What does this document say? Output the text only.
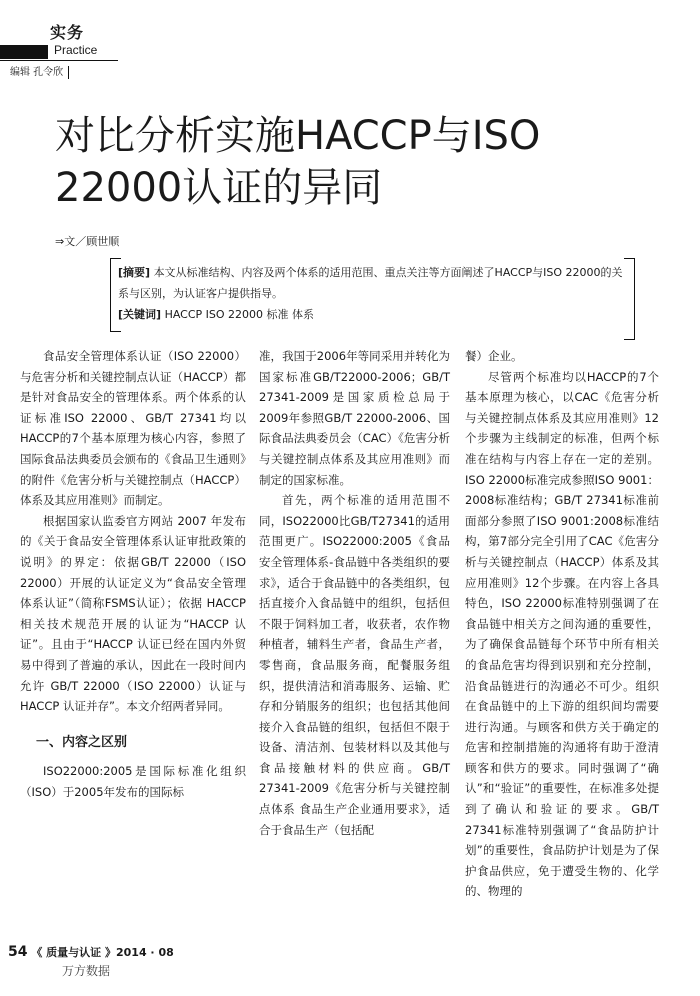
实务
Practice
编辑 孔令欣
对比分析实施HACCP与ISO 22000认证的异同
⇒文／顾世顺

[摘要] 本文从标准结构、内容及两个体系的适用范围、重点关注等方面阐述了HACCP与ISO 22000的关系与区别，为认证客户提供指导。

[关键词] HACCP ISO 22000 标准 体系

食品安全管理体系认证（ISO 22000）与危害分析和关键控制点认证（HACCP）都是针对食品安全的管理体系。两个体系的认证标准ISO 22000、GB/T 27341均以HACCP的7个基本原理为核心内容，参照了国际食品法典委员会颁布的《食品卫生通则》的附件《危害分析与关键控制点（HACCP）体系及其应用准则》而制定。

根据国家认监委官方网站 2007 年发布的《关于食品安全管理体系认证审批政策的说明》的界定：依据GB/T 22000（ISO 22000）开展的认证定义为“食品安全管理体系认证”（简称FSMS认证）；依据 HACCP 相关技术规范开展的认证为“HACCP 认证”。且由于“HACCP 认证已经在国内外贸易中得到了普遍的承认，因此在一段时间内允许 GB/T 22000（ISO 22000）认证与 HACCP 认证并存”。本文介绍两者异同。

一、内容之区别

ISO22000:2005是国际标准化组织（ISO）于2005年发布的国际标

准，我国于2006年等同采用并转化为国家标准GB/T22000-2006；GB/T 27341-2009是国家质检总局于2009年参照GB/T 22000-2006、国际食品法典委员会（CAC）《危害分析与关键控制点体系及其应用准则》而制定的国家标准。

首先，两个标准的适用范围不同，ISO22000比GB/T27341的适用范围更广。ISO22000:2005《食品安全管理体系-食品链中各类组织的要求》，适合于食品链中的各类组织，包括直接介入食品链中的组织，包括但不限于饲料加工者，收获者，农作物种植者，辅料生产者，食品生产者，零售商，食品服务商，配餐服务组织，提供清洁和消毒服务、运输、贮存和分销服务的组织；也包括其他间接介入食品链的组织，包括但不限于设备、清洁剂、包装材料以及其他与食品接触材料的供应商。GB/T 27341-2009《危害分析与关键控制点体系 食品生产企业通用要求》，适合于食品生产（包括配

餐）企业。

尽管两个标准均以HACCP的7个基本原理为核心，以CAC《危害分析与关键控制点体系及其应用准则》12个步骤为主线制定的标准，但两个标准在结构与内容上存在一定的差别。ISO 22000标准完成参照ISO 9001：2008标准结构；GB/T 27341标准前面部分参照了ISO 9001:2008标准结构，第7部分完全引用了CAC《危害分析与关键控制点（HACCP）体系及其应用准则》12个步骤。在内容上各具特色，ISO 22000标准特别强调了在食品链中相关方之间沟通的重要性，为了确保食品链每个环节中所有相关的食品危害均得到识别和充分控制，沿食品链进行的沟通必不可少。组织在食品链中的上下游的组织间均需要进行沟通。与顾客和供方关于确定的危害和控制措施的沟通将有助于澄清顾客和供方的要求。同时强调了“确认”和“验证”的重要性，在标准多处提到了确认和验证的要求。GB/T 27341标准特别强调了“食品防护计划”的重要性，食品防护计划是为了保护食品供应，免于遭受生物的、化学的、物理的

54 《 质量与认证 》2014 · 08
万方数据
